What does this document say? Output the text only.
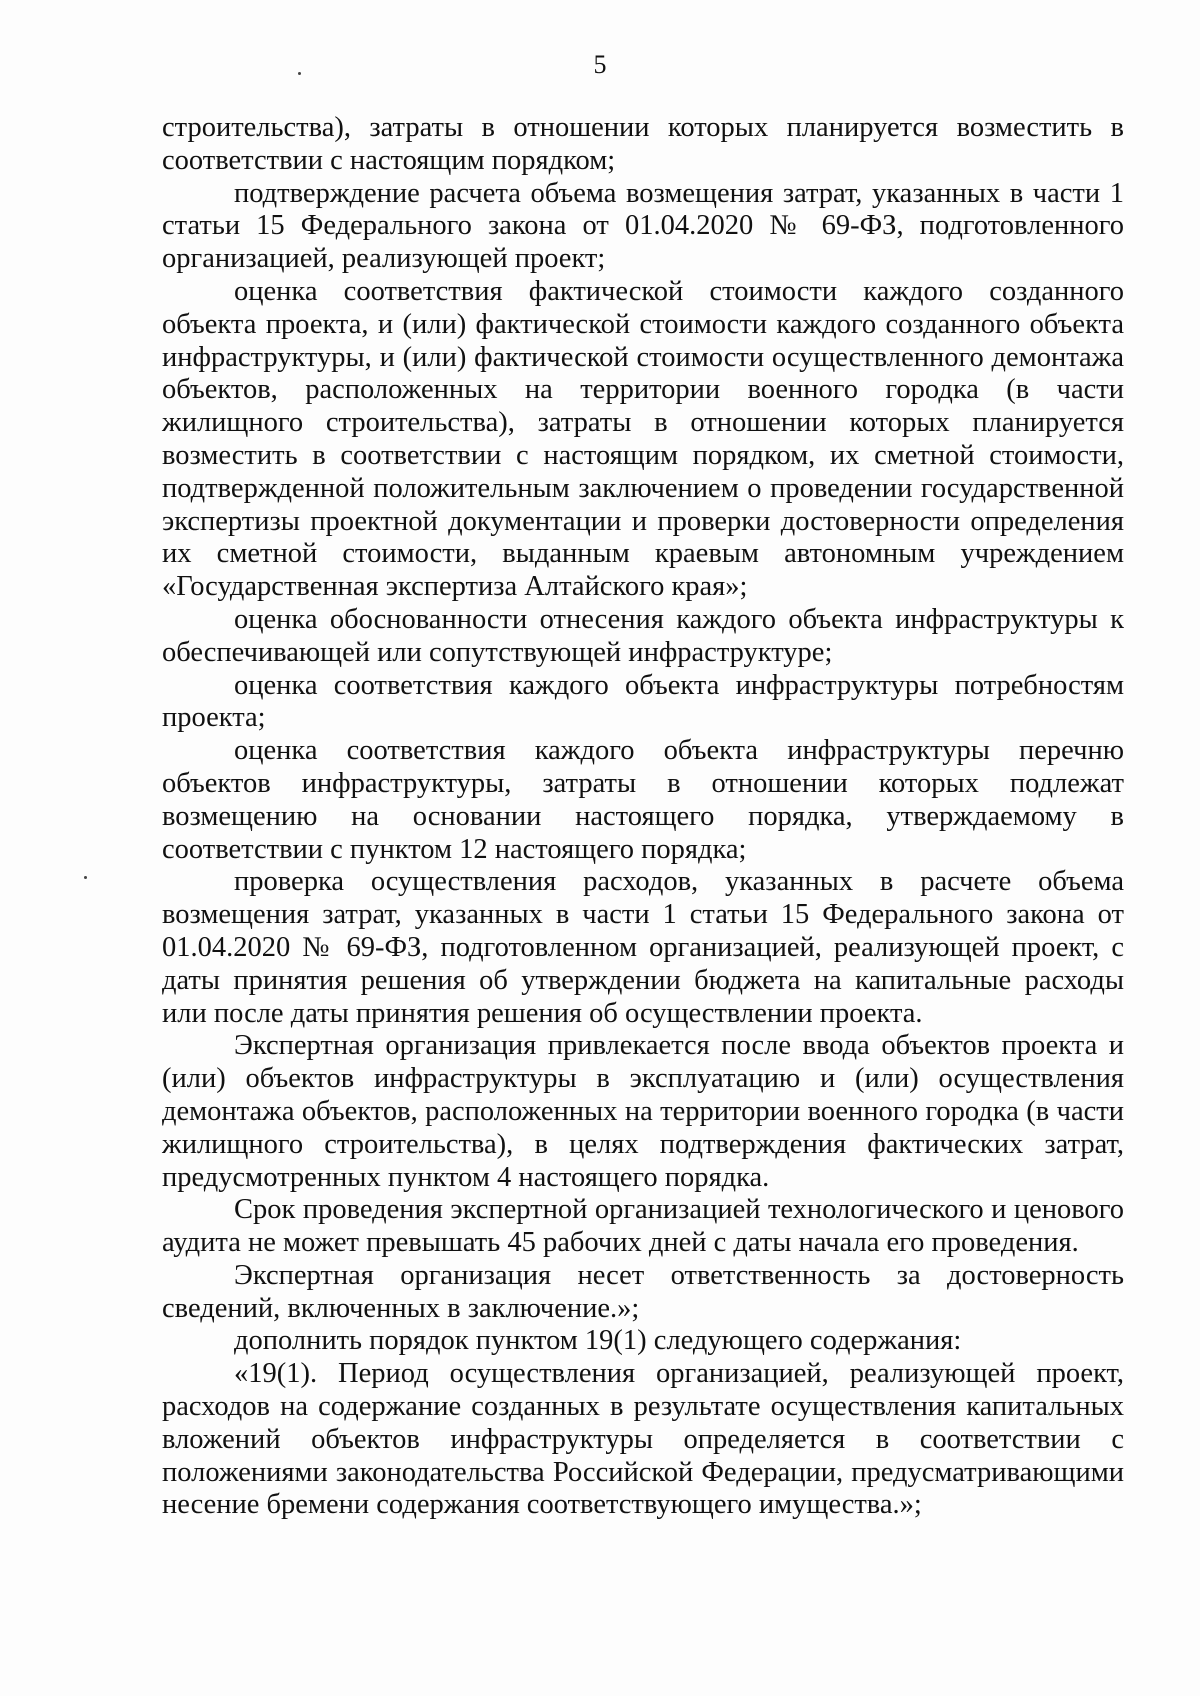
5

строительства), затраты в отношении которых планируется возместить в соответствии с настоящим порядком;

подтверждение расчета объема возмещения затрат, указанных в части 1 статьи 15 Федерального закона от 01.04.2020 № 69-ФЗ, подготовленного организацией, реализующей проект;

оценка соответствия фактической стоимости каждого созданного объекта проекта, и (или) фактической стоимости каждого созданного объекта инфраструктуры, и (или) фактической стоимости осуществленного демонтажа объектов, расположенных на территории военного городка (в части жилищного строительства), затраты в отношении которых планируется возместить в соответствии с настоящим порядком, их сметной стоимости, подтвержденной положительным заключением о проведении государственной экспертизы проектной документации и проверки достоверности определения их сметной стоимости, выданным краевым автономным учреждением «Государственная экспертиза Алтайского края»;

оценка обоснованности отнесения каждого объекта инфраструктуры к обеспечивающей или сопутствующей инфраструктуре;

оценка соответствия каждого объекта инфраструктуры потребностям проекта;

оценка соответствия каждого объекта инфраструктуры перечню объектов инфраструктуры, затраты в отношении которых подлежат возмещению на основании настоящего порядка, утверждаемому в соответствии с пунктом 12 настоящего порядка;

проверка осуществления расходов, указанных в расчете объема возмещения затрат, указанных в части 1 статьи 15 Федерального закона от 01.04.2020 № 69-ФЗ, подготовленном организацией, реализующей проект, с даты принятия решения об утверждении бюджета на капитальные расходы или после даты принятия решения об осуществлении проекта.

Экспертная организация привлекается после ввода объектов проекта и (или) объектов инфраструктуры в эксплуатацию и (или) осуществления демонтажа объектов, расположенных на территории военного городка (в части жилищного строительства), в целях подтверждения фактических затрат, предусмотренных пунктом 4 настоящего порядка.

Срок проведения экспертной организацией технологического и ценового аудита не может превышать 45 рабочих дней с даты начала его проведения.

Экспертная организация несет ответственность за достоверность сведений, включенных в заключение.»;

дополнить порядок пунктом 19(1) следующего содержания:

«19(1). Период осуществления организацией, реализующей проект, расходов на содержание созданных в результате осуществления капитальных вложений объектов инфраструктуры определяется в соответствии с положениями законодательства Российской Федерации, предусматривающими несение бремени содержания соответствующего имущества.»;
